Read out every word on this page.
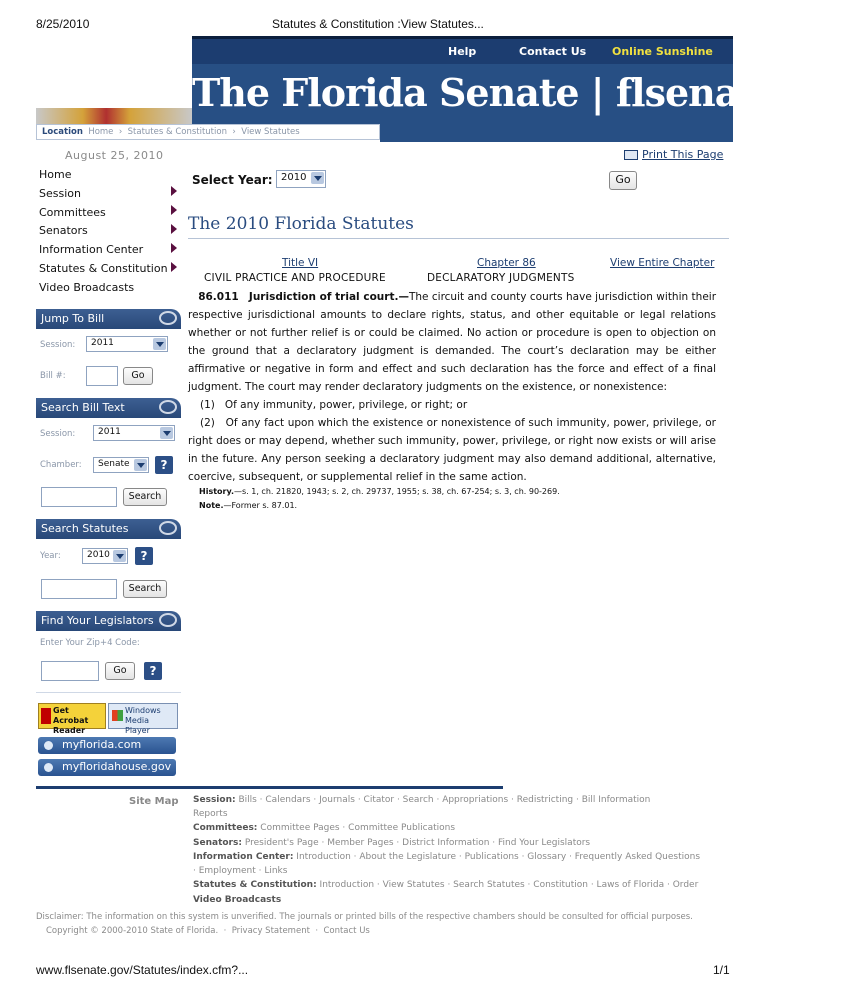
8/25/2010	Statutes & Constitution :View Statutes...
Help	Contact Us Online Sunshine
The Florida Senate | flsenate.gov
Location Home  ›  Statutes & Constitution  ›  View Statutes
August 25, 2010
Home
Session
Committees
Senators
Information Center
Statutes & Constitution
Video Broadcasts
Jump To Bill
Session:	2011
Bill #:	Go
Search Bill Text
Session:	2011
Chamber:	Senate	?
Search
Search Statutes
Year:	2010	?
Search
Find Your Legislators
Enter Your Zip+4 Code:
Go	?
Get Acrobat Reader
Windows Media Player
myflorida.com
myfloridahouse.gov
Print This Page
Select Year: 2010	Go
The 2010 Florida Statutes
Title VI
CIVIL PRACTICE AND PROCEDURE
Chapter 86
DECLARATORY JUDGMENTS
View Entire Chapter

86.011 Jurisdiction of trial court.—The circuit and county courts have jurisdiction within their respective jurisdictional amounts to declare rights, status, and other equitable or legal relations whether or not further relief is or could be claimed. No action or procedure is open to objection on the ground that a declaratory judgment is demanded. The court’s declaration may be either affirmative or negative in form and effect and such declaration has the force and effect of a final judgment. The court may render declaratory judgments on the existence, or nonexistence:

(1)   Of any immunity, power, privilege, or right; or

(2)   Of any fact upon which the existence or nonexistence of such immunity, power, privilege, or right does or may depend, whether such immunity, power, privilege, or right now exists or will arise in the future. Any person seeking a declaratory judgment may also demand additional, alternative, coercive, subsequent, or supplemental relief in the same action.

History.—s. 1, ch. 21820, 1943; s. 2, ch. 29737, 1955; s. 38, ch. 67-254; s. 3, ch. 90-269.
Note.—Former s. 87.01.
Site Map Session: Bills · Calendars · Journals · Citator · Search · Appropriations · Redistricting · Bill Information
Reports
Committees: Committee Pages · Committee Publications
Senators: President's Page · Member Pages · District Information · Find Your Legislators
Information Center: Introduction · About the Legislature · Publications · Glossary · Frequently Asked Questions
· Employment · Links
Statutes & Constitution: Introduction · View Statutes · Search Statutes · Constitution · Laws of Florida · Order
Video Broadcasts
Disclaimer: The information on this system is unverified. The journals or printed bills of the respective chambers should be consulted for official purposes.
Copyright © 2000-2010 State of Florida.  ·  Privacy Statement  ·  Contact Us
www.flsenate.gov/Statutes/index.cfm?...	1/1
